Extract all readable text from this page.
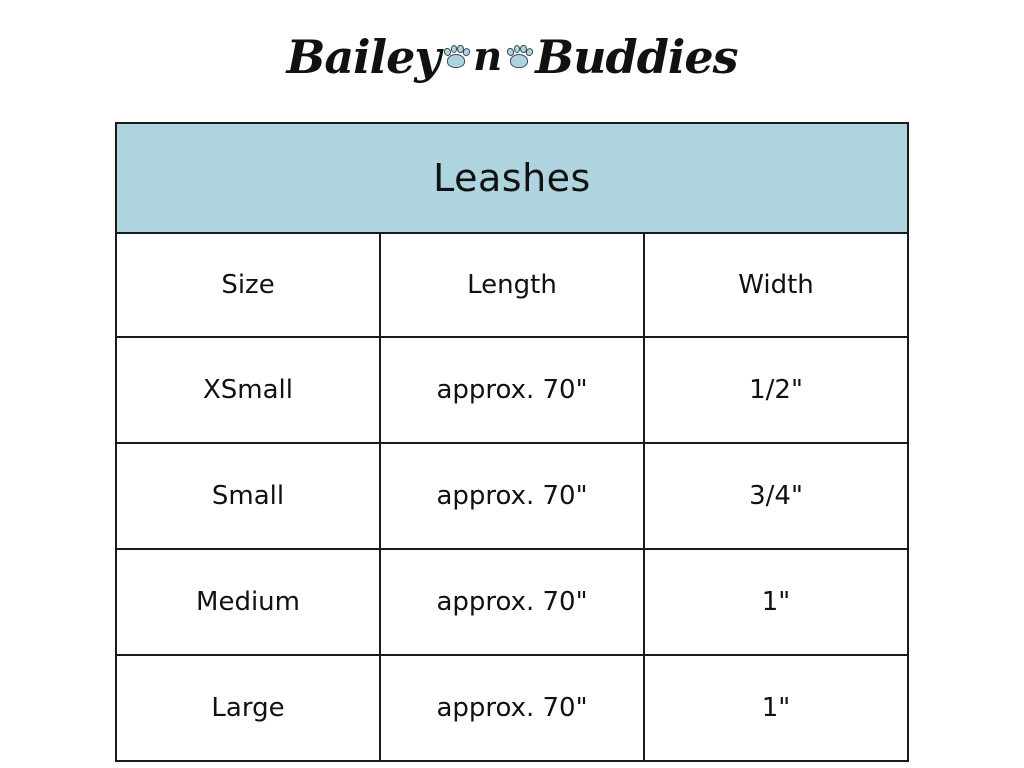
Bailey n Buddies
Leashes		
Size	Length	Width
XSmall	approx. 70"	1/2"
Small	approx. 70"	3/4"
Medium	approx. 70"	1"
Large	approx. 70"	1"
